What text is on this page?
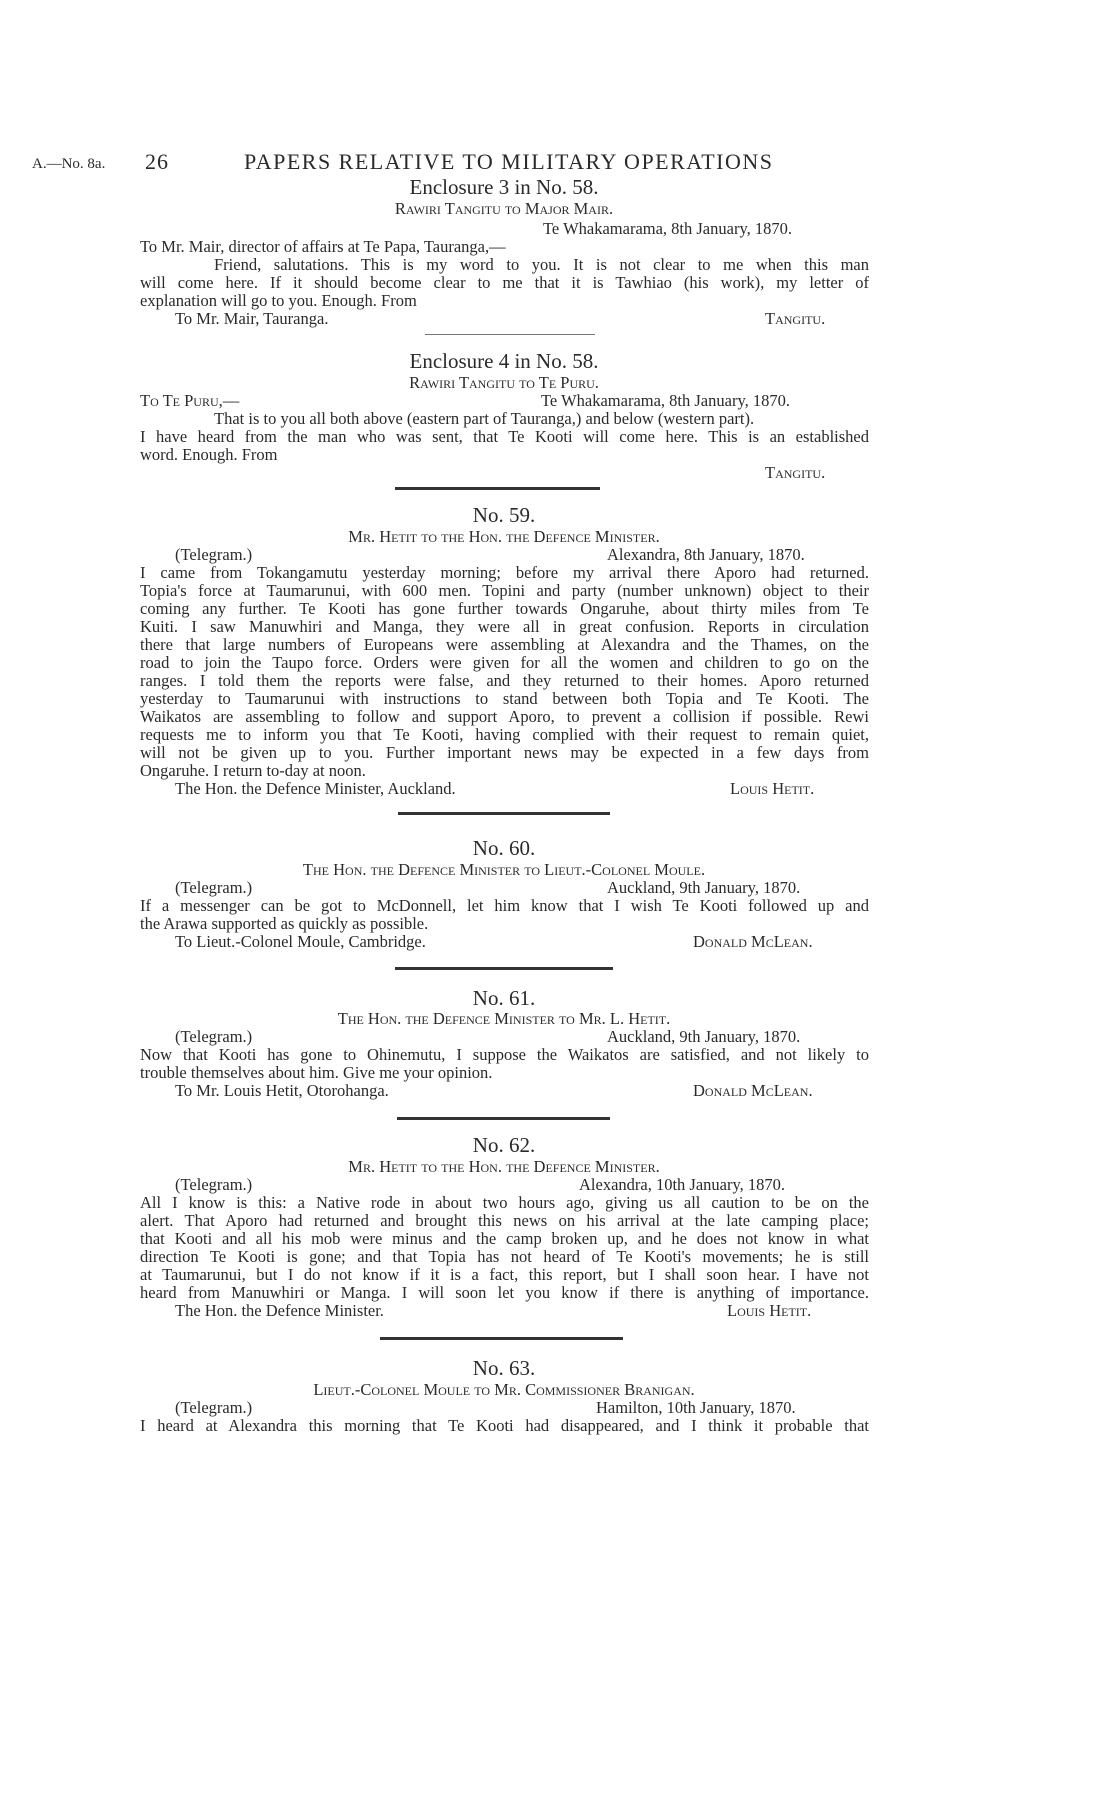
A.—No. 8a. 26	PAPERS RELATIVE TO MILITARY OPERATIONS
Enclosure 3 in No. 58.
Rawiri Tangitu to Major Mair.
Te Whakamarama, 8th January, 1870.
To Mr. Mair, director of affairs at Te Papa, Tauranga,—
Friend, salutations. This is my word to you. It is not clear to me when this man
will come here. If it should become clear to me that it is Tawhiao (his work), my letter of
explanation will go to you. Enough. From
To Mr. Mair, Tauranga.	Tangitu.
Enclosure 4 in No. 58.
Rawiri Tangitu to Te Puru.
To Te Puru,—	Te Whakamarama, 8th January, 1870.
That is to you all both above (eastern part of Tauranga,) and below (western part).
I have heard from the man who was sent, that Te Kooti will come here. This is an established
word. Enough. From
Tangitu.
No. 59.
Mr. Hetit to the Hon. the Defence Minister.
(Telegram.)	Alexandra, 8th January, 1870.
I came from Tokangamutu yesterday morning; before my arrival there Aporo had returned.
Topia's force at Taumarunui, with 600 men. Topini and party (number unknown) object to their
coming any further. Te Kooti has gone further towards Ongaruhe, about thirty miles from Te
Kuiti. I saw Manuwhiri and Manga, they were all in great confusion. Reports in circulation
there that large numbers of Europeans were assembling at Alexandra and the Thames, on the
road to join the Taupo force. Orders were given for all the women and children to go on the
ranges. I told them the reports were false, and they returned to their homes. Aporo returned
yesterday to Taumarunui with instructions to stand between both Topia and Te Kooti. The
Waikatos are assembling to follow and support Aporo, to prevent a collision if possible. Rewi
requests me to inform you that Te Kooti, having complied with their request to remain quiet,
will not be given up to you. Further important news may be expected in a few days from
Ongaruhe. I return to-day at noon.
The Hon. the Defence Minister, Auckland.	Louis Hetit.
No. 60.
The Hon. the Defence Minister to Lieut.-Colonel Moule.
(Telegram.)	Auckland, 9th January, 1870.
If a messenger can be got to McDonnell, let him know that I wish Te Kooti followed up and
the Arawa supported as quickly as possible.
To Lieut.-Colonel Moule, Cambridge.	Donald McLean.
No. 61.
The Hon. the Defence Minister to Mr. L. Hetit.
(Telegram.)	Auckland, 9th January, 1870.
Now that Kooti has gone to Ohinemutu, I suppose the Waikatos are satisfied, and not likely to
trouble themselves about him. Give me your opinion.
To Mr. Louis Hetit, Otorohanga.	Donald McLean.
No. 62.
Mr. Hetit to the Hon. the Defence Minister.
(Telegram.)	Alexandra, 10th January, 1870.
All I know is this: a Native rode in about two hours ago, giving us all caution to be on the
alert. That Aporo had returned and brought this news on his arrival at the late camping place;
that Kooti and all his mob were minus and the camp broken up, and he does not know in what
direction Te Kooti is gone; and that Topia has not heard of Te Kooti's movements; he is still
at Taumarunui, but I do not know if it is a fact, this report, but I shall soon hear. I have not
heard from Manuwhiri or Manga. I will soon let you know if there is anything of importance.
The Hon. the Defence Minister.	Louis Hetit.
No. 63.
Lieut.-Colonel Moule to Mr. Commissioner Branigan.
(Telegram.)	Hamilton, 10th January, 1870.
I heard at Alexandra this morning that Te Kooti had disappeared, and I think it probable that
